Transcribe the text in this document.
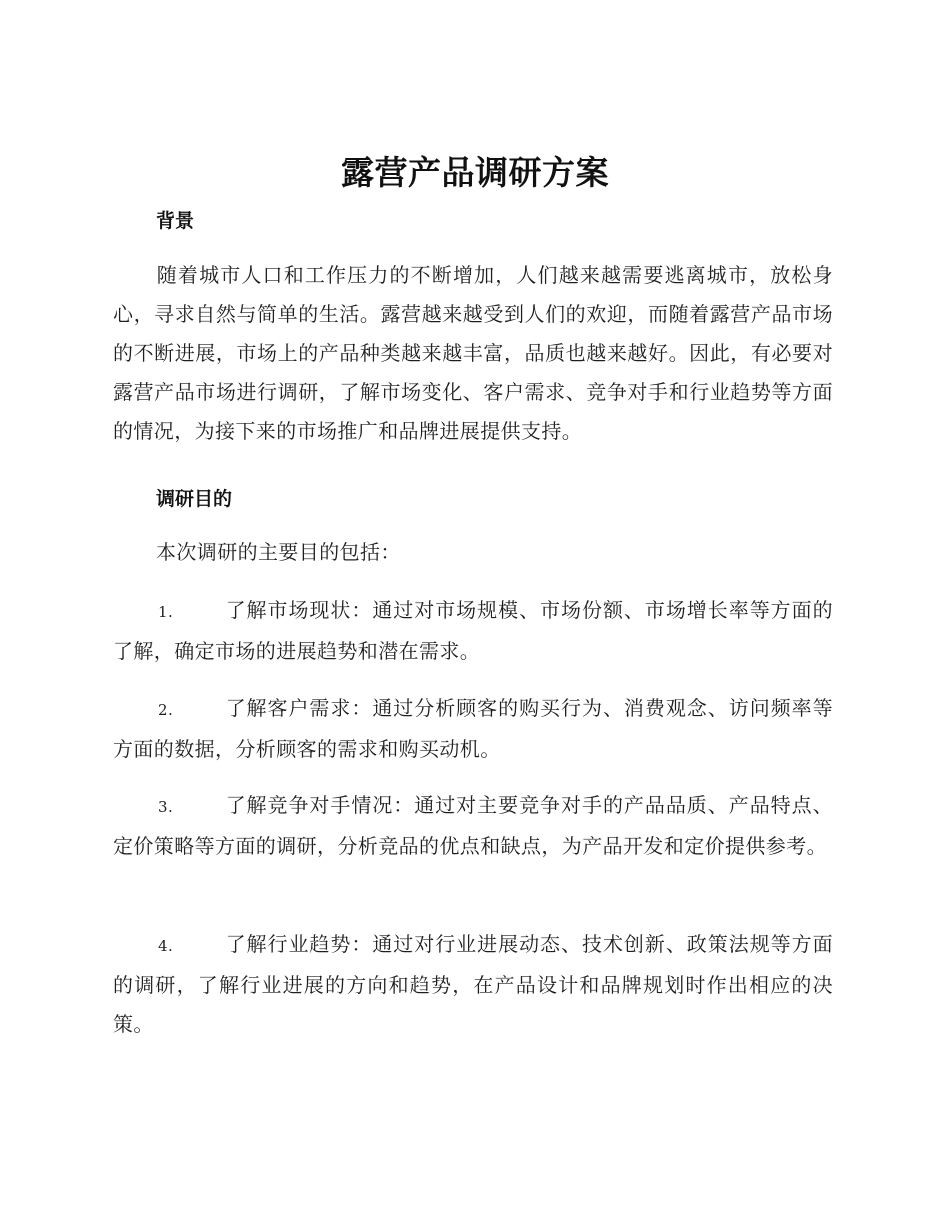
露营产品调研方案
背景

随着城市人口和工作压力的不断增加，人们越来越需要逃离城市，放松身心，寻求自然与简单的生活。露营越来越受到人们的欢迎，而随着露营产品市场的不断进展，市场上的产品种类越来越丰富，品质也越来越好。因此，有必要对露营产品市场进行调研，了解市场变化、客户需求、竞争对手和行业趋势等方面的情况，为接下来的市场推广和品牌进展提供支持。

调研目的

本次调研的主要目的包括：

1.	了解市场现状：通过对市场规模、市场份额、市场增长率等方面的了解，确定市场的进展趋势和潜在需求。

2.	了解客户需求：通过分析顾客的购买行为、消费观念、访问频率等方面的数据，分析顾客的需求和购买动机。

3.	了解竞争对手情况：通过对主要竞争对手的产品品质、产品特点、定价策略等方面的调研，分析竞品的优点和缺点，为产品开发和定价提供参考。

4.	了解行业趋势：通过对行业进展动态、技术创新、政策法规等方面的调研，了解行业进展的方向和趋势，在产品设计和品牌规划时作出相应的决策。
